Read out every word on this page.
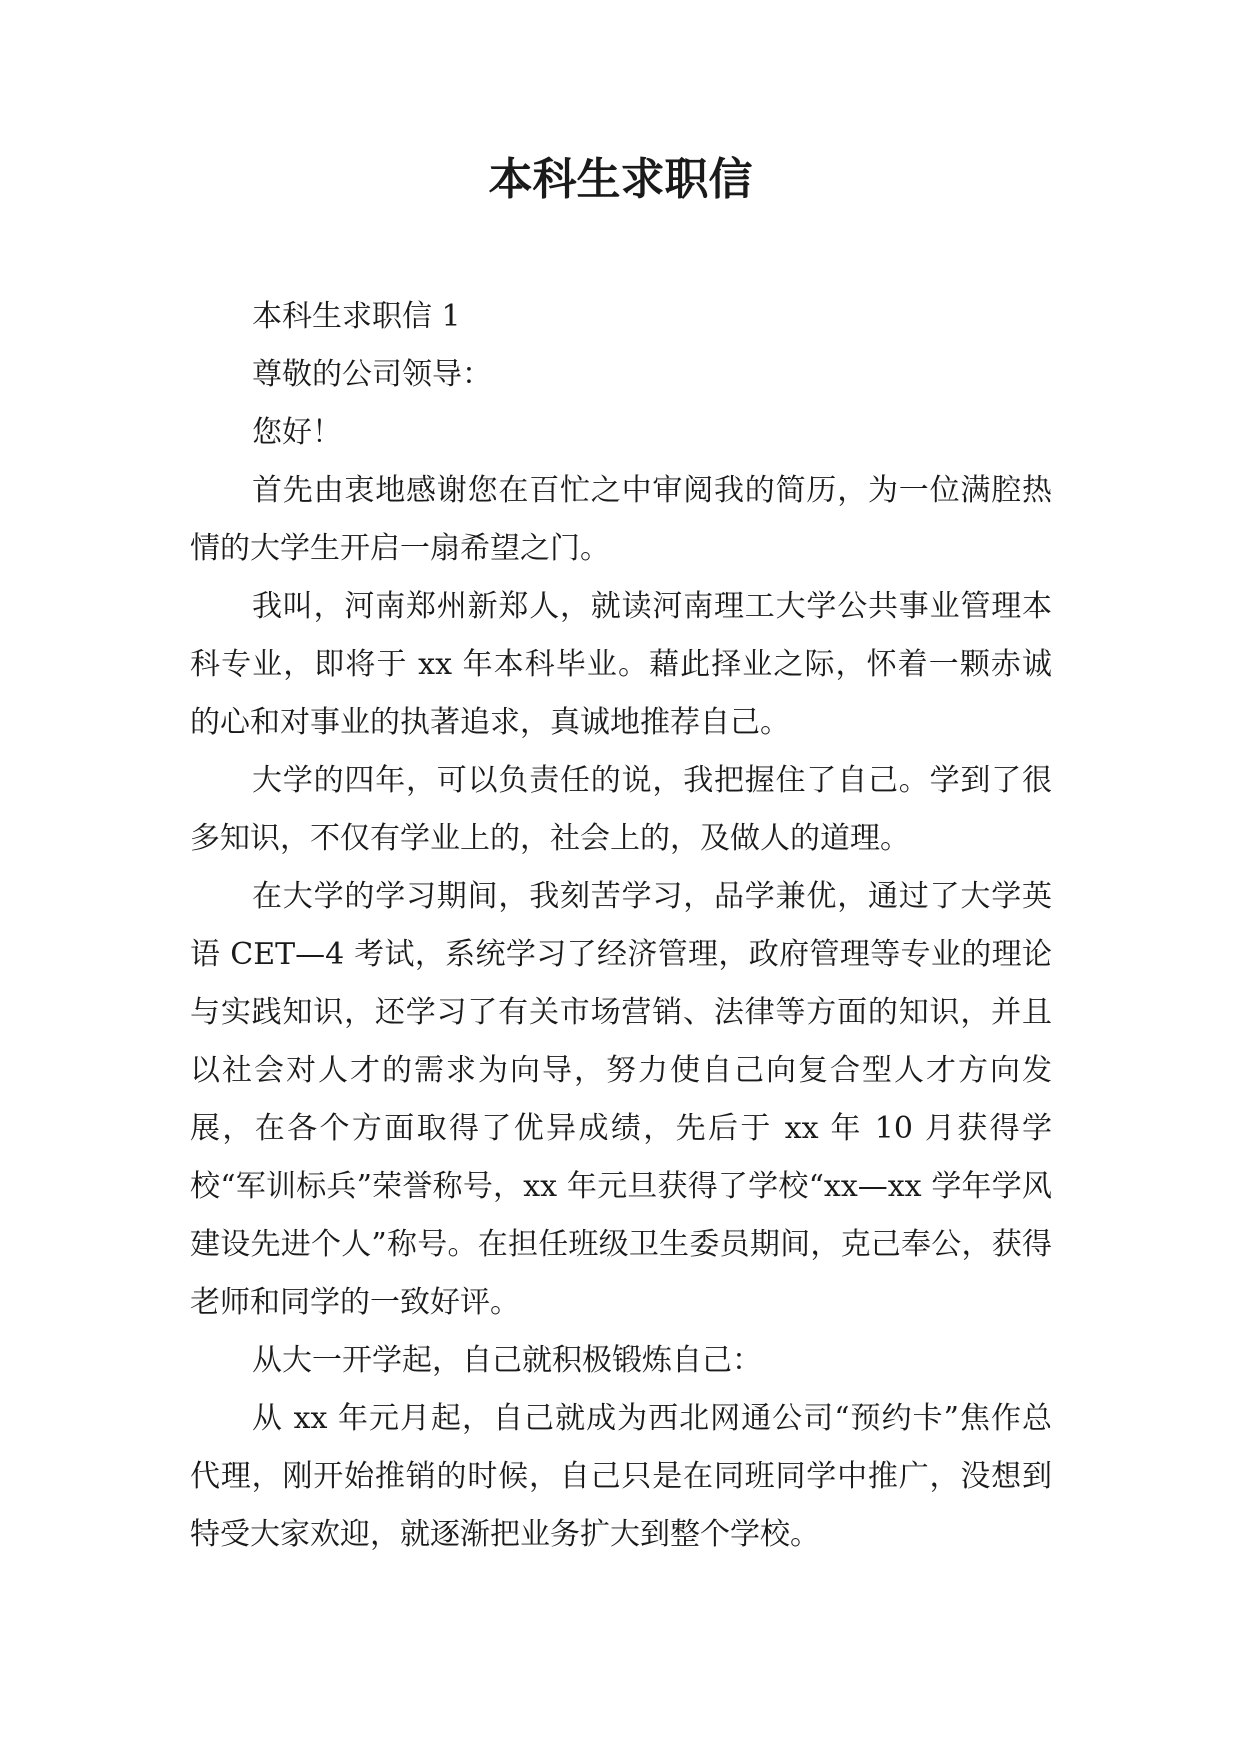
本科生求职信

本科生求职信 1

尊敬的公司领导：

您好！

首先由衷地感谢您在百忙之中审阅我的简历，为一位满腔热情的大学生开启一扇希望之门。

我叫，河南郑州新郑人，就读河南理工大学公共事业管理本科专业，即将于 xx 年本科毕业。藉此择业之际，怀着一颗赤诚的心和对事业的执著追求，真诚地推荐自己。

大学的四年，可以负责任的说，我把握住了自己。学到了很多知识，不仅有学业上的，社会上的，及做人的道理。

在大学的学习期间，我刻苦学习，品学兼优，通过了大学英语 CET—4 考试，系统学习了经济管理，政府管理等专业的理论与实践知识，还学习了有关市场营销、法律等方面的知识，并且以社会对人才的需求为向导，努力使自己向复合型人才方向发展，在各个方面取得了优异成绩，先后于 xx 年 10 月获得学校“军训标兵”荣誉称号，xx 年元旦获得了学校“xx—xx 学年学风建设先进个人”称号。在担任班级卫生委员期间，克己奉公，获得老师和同学的一致好评。

从大一开学起，自己就积极锻炼自己：

从 xx 年元月起，自己就成为西北网通公司“预约卡”焦作总代理，刚开始推销的时候，自己只是在同班同学中推广，没想到特受大家欢迎，就逐渐把业务扩大到整个学校。
